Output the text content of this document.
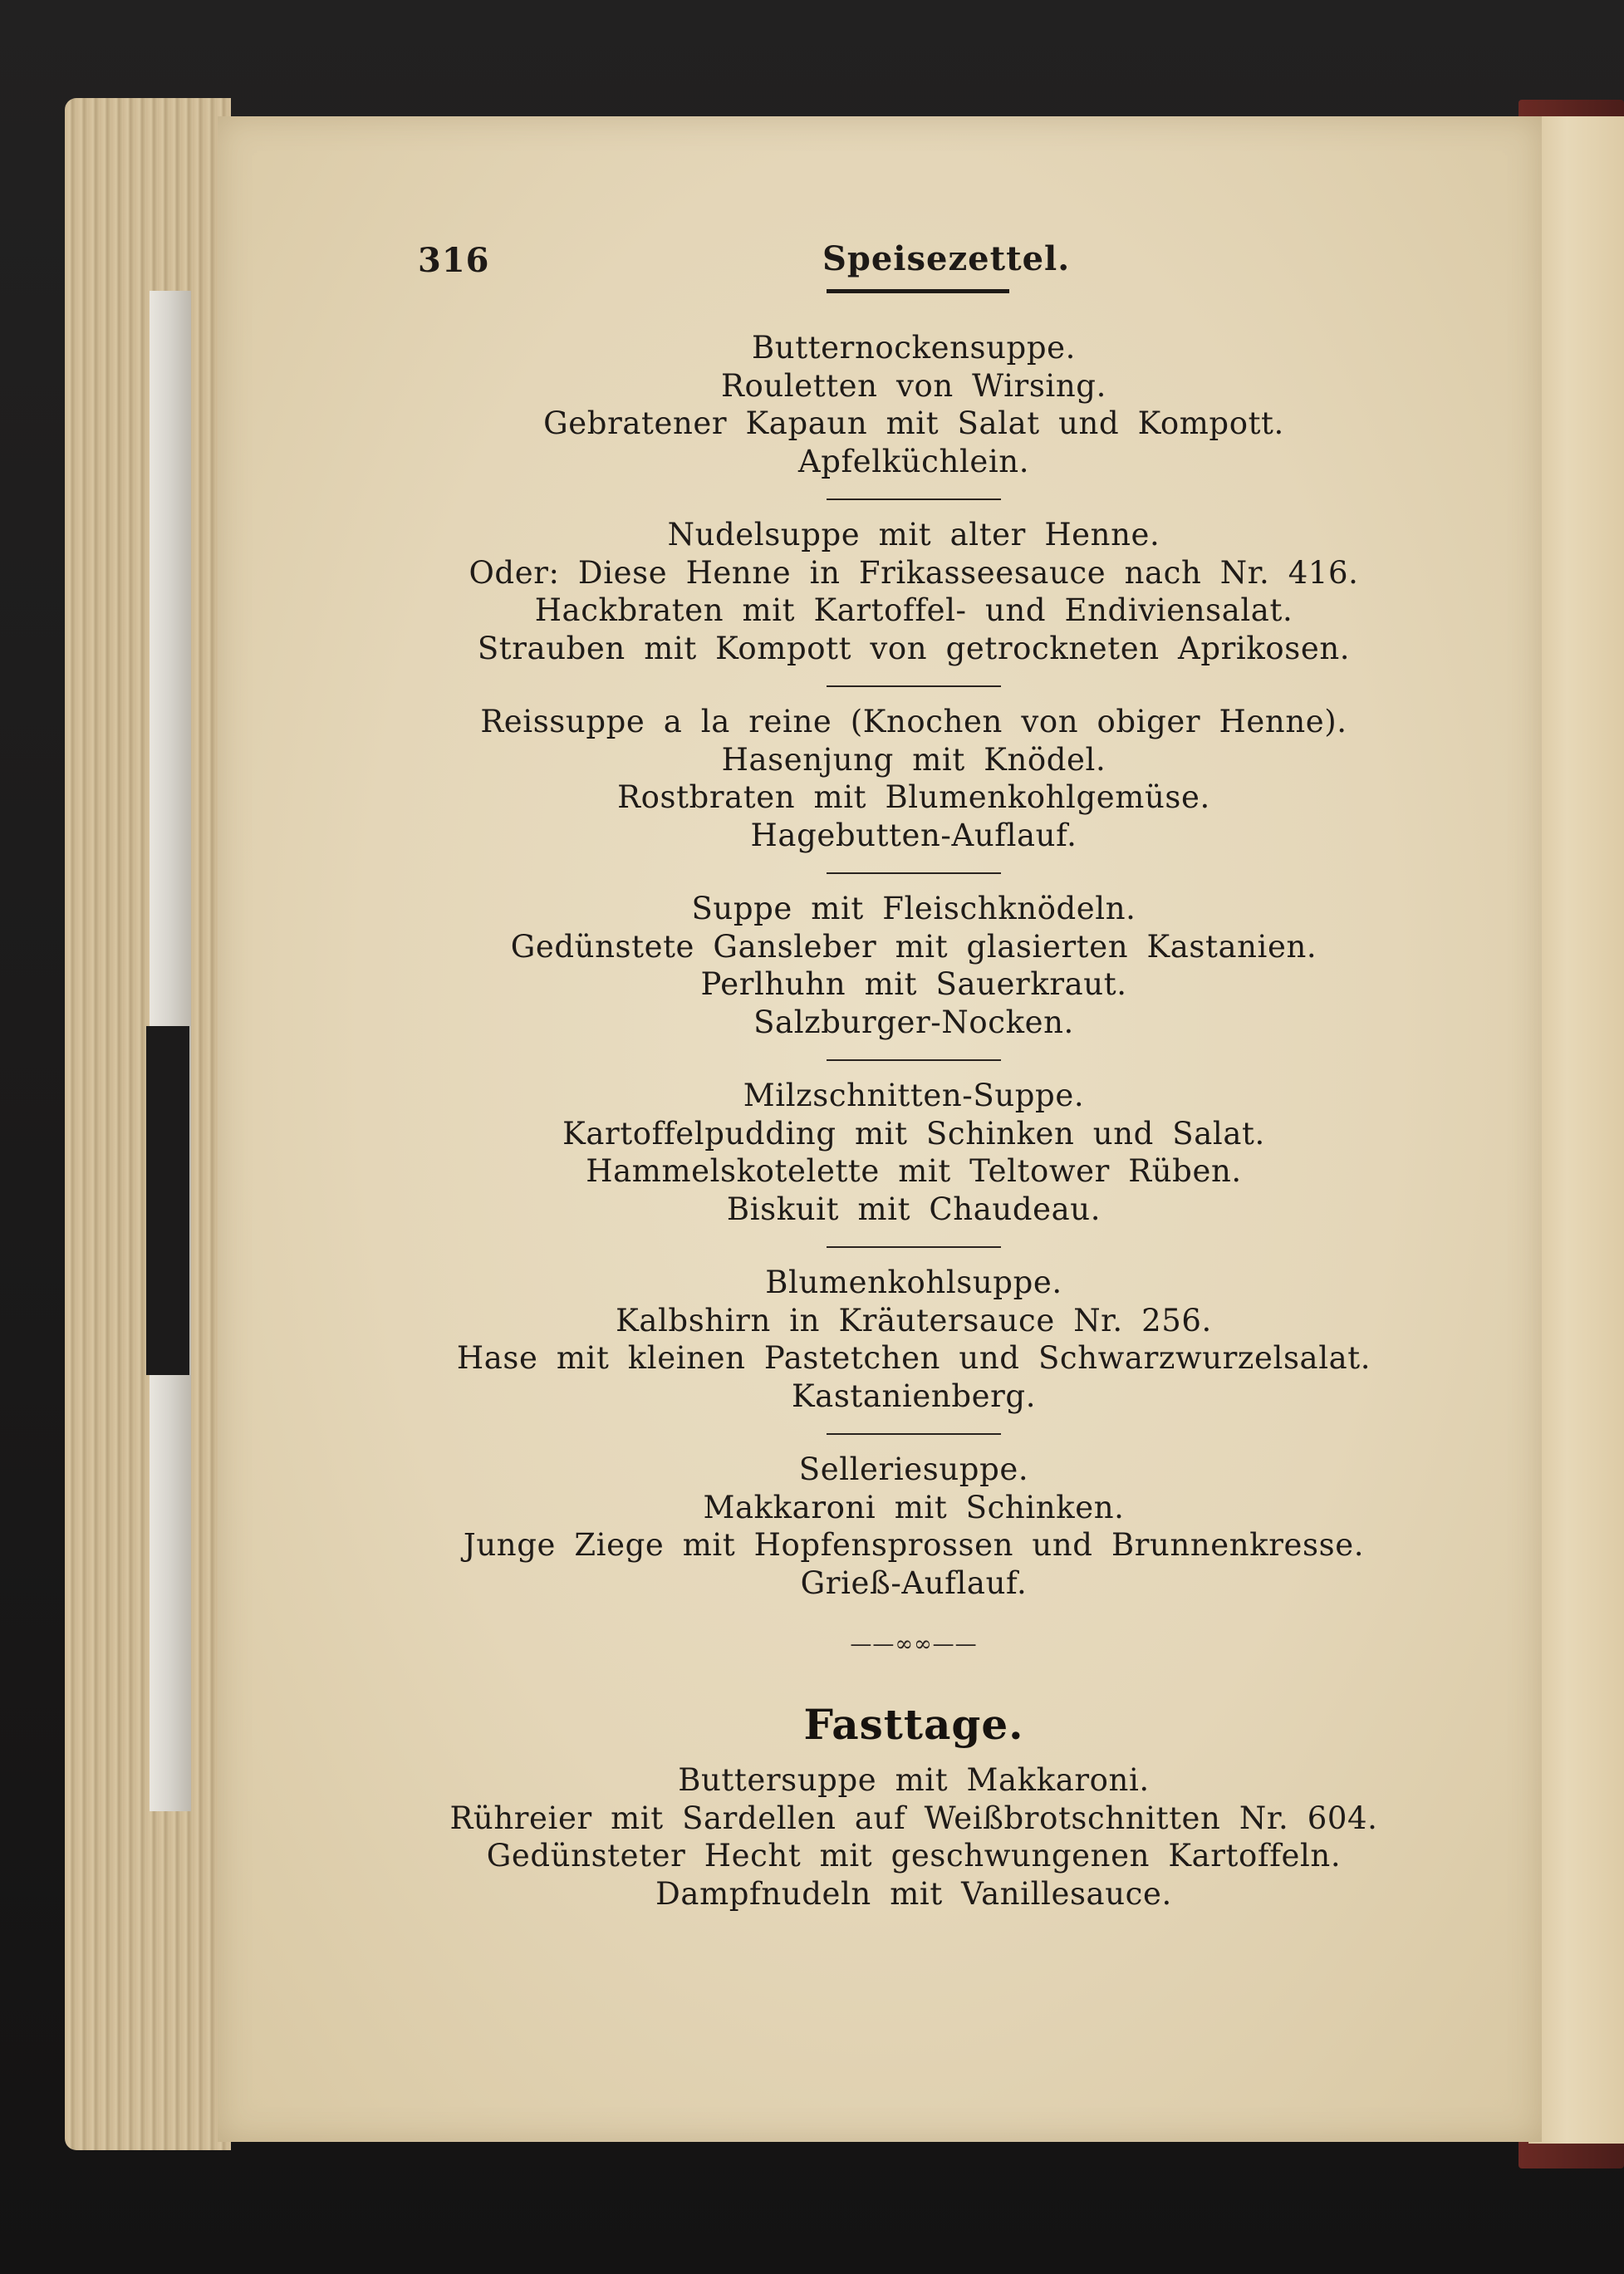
316	Speisezettel.
Butternockensuppe.
Rouletten von Wirsing.
Gebratener Kapaun mit Salat und Kompott.
Apfelküchlein.
Nudelsuppe mit alter Henne.
Oder: Diese Henne in Frikasseesauce nach Nr. 416.
Hackbraten mit Kartoffel- und Endiviensalat.
Strauben mit Kompott von getrockneten Aprikosen.
Reissuppe a la reine (Knochen von obiger Henne).
Hasenjung mit Knödel.
Rostbraten mit Blumenkohlgemüse.
Hagebutten-Auflauf.
Suppe mit Fleischknödeln.
Gedünstete Gansleber mit glasierten Kastanien.
Perlhuhn mit Sauerkraut.
Salzburger-Nocken.
Milzschnitten-Suppe.
Kartoffelpudding mit Schinken und Salat.
Hammelskotelette mit Teltower Rüben.
Biskuit mit Chaudeau.
Blumenkohlsuppe.
Kalbshirn in Kräutersauce Nr. 256.
Hase mit kleinen Pastetchen und Schwarzwurzelsalat.
Kastanienberg.
Selleriesuppe.
Makkaroni mit Schinken.
Junge Ziege mit Hopfensprossen und Brunnenkresse.
Grieß-Auflauf.
——∞∞——
Fasttage.
Buttersuppe mit Makkaroni.
Rühreier mit Sardellen auf Weißbrotschnitten Nr. 604.
Gedünsteter Hecht mit geschwungenen Kartoffeln.
Dampfnudeln mit Vanillesauce.
